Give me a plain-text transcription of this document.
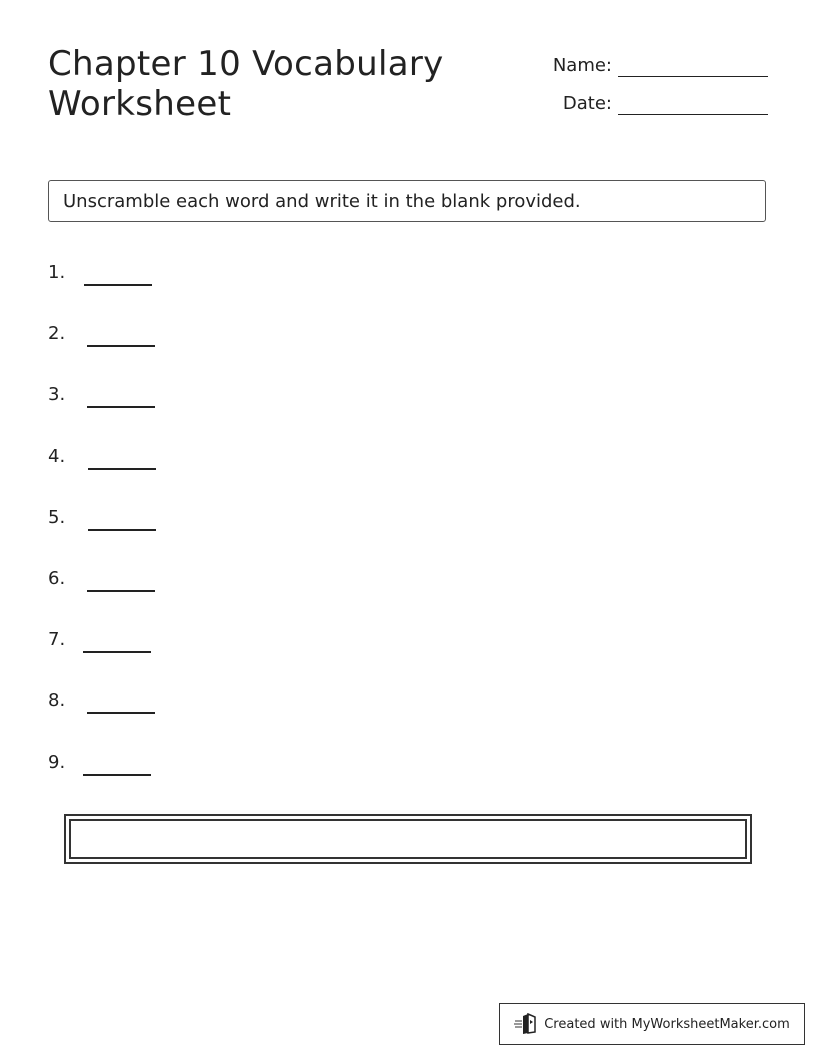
Chapter 10 Vocabulary Worksheet
Name:
Date:
Unscramble each word and write it in the blank provided.
1.
2.
3.
4.
5.
6.
7.
8.
9.
Created with MyWorksheetMaker.com
